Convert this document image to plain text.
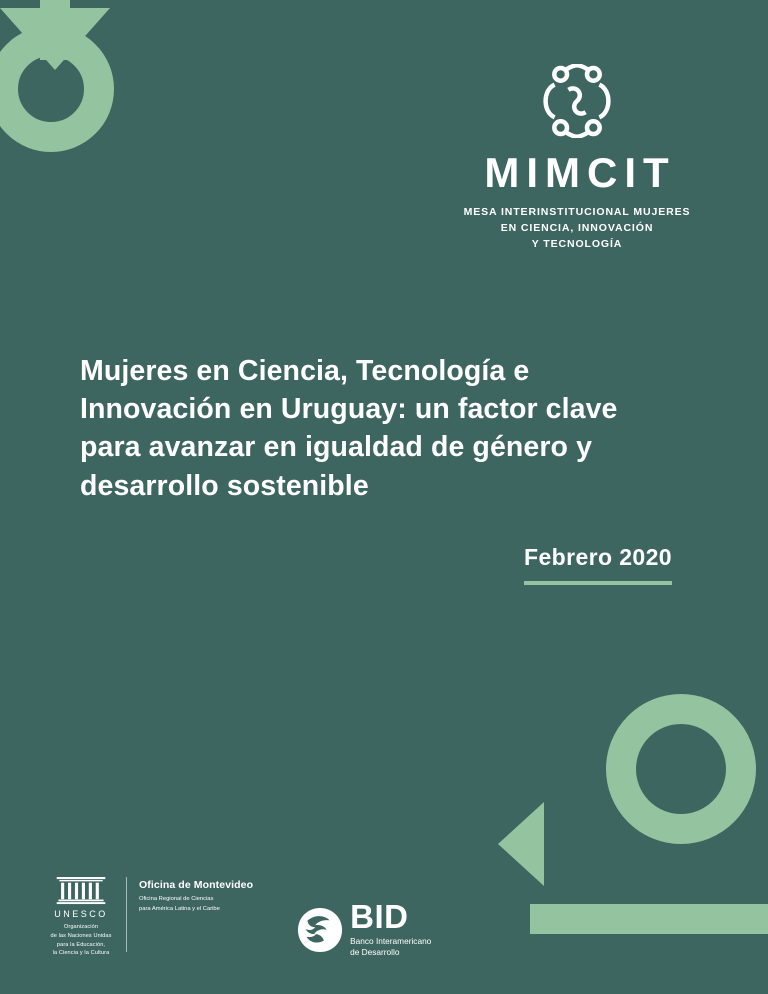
MIMCIT
MESA INTERINSTITUCIONAL MUJERES
EN CIENCIA, INNOVACIÓN
Y TECNOLOGÍA
Mujeres en Ciencia, Tecnología e Innovación en Uruguay: un factor clave para avanzar en igualdad de género y desarrollo sostenible
Febrero 2020
UNESCO
Organización
de las Naciones Unidas
para la Educación,
la Ciencia y la Cultura
Oficina de Montevideo
Oficina Regional de Ciencias
para América Latina y el Caribe	BID
Banco Interamericano
de Desarrollo
